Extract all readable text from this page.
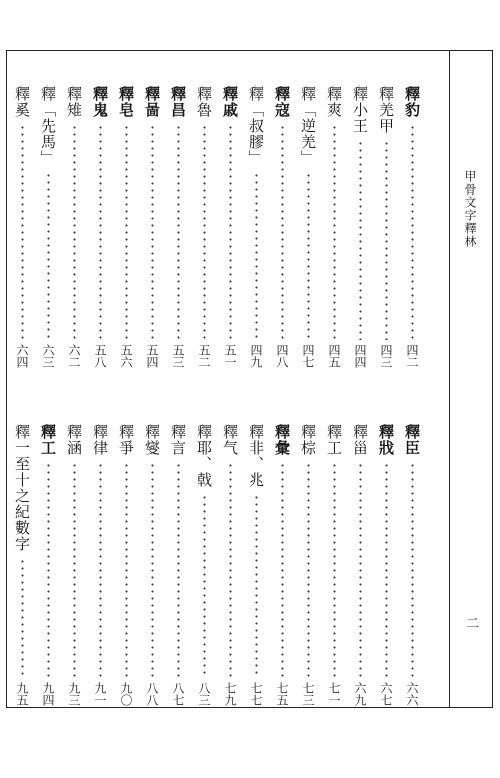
甲骨文字釋林
二
釋豹
四二
釋羌甲
四三
釋小王
四四
釋爽
四五
釋「逆羌」
四七
釋寇
四八
釋「叔膠」
四九
釋戚
五一
釋魯
五二
釋昌
五三
釋啚
五四
釋皂
五六
釋鬼
五八
釋雉
六二
釋「先馬」
六三
釋奚
六四
釋臣
六六
釋戕
六七
釋甾
六九
釋工
七一
釋棕
七三
釋彙
七五
釋非、兆
七七
釋气
七九
釋耶、戟
八三
釋言
八七
釋燮
八八
釋爭
九〇
釋律
九一
釋涵
九三
釋工
九四
釋一至十之紀數字
九五
